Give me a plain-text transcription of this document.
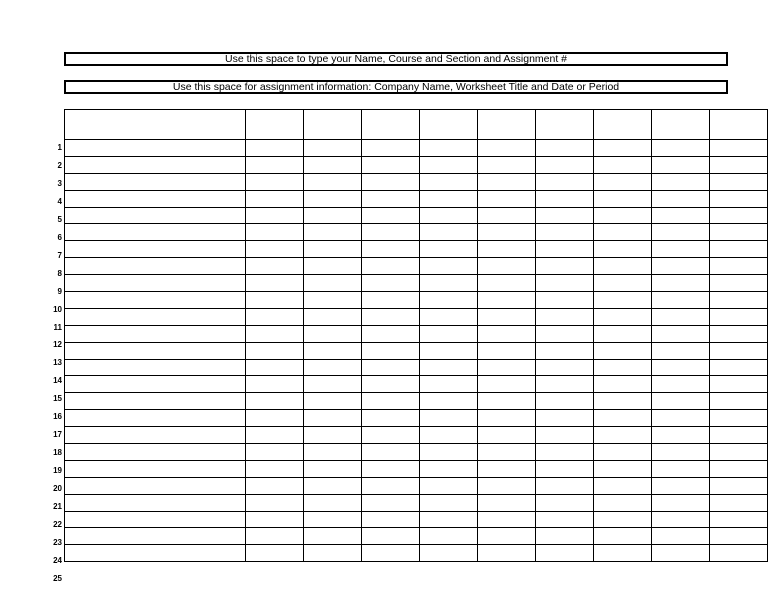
Use this space to type your Name, Course and Section and Assignment #
Use this space for assignment information: Company Name, Worksheet Title and Date or Period

1
2
3
4
5
6
7
8
9
10
11
12
13
14
15
16
17
18
19
20
21
22
23
24
25
